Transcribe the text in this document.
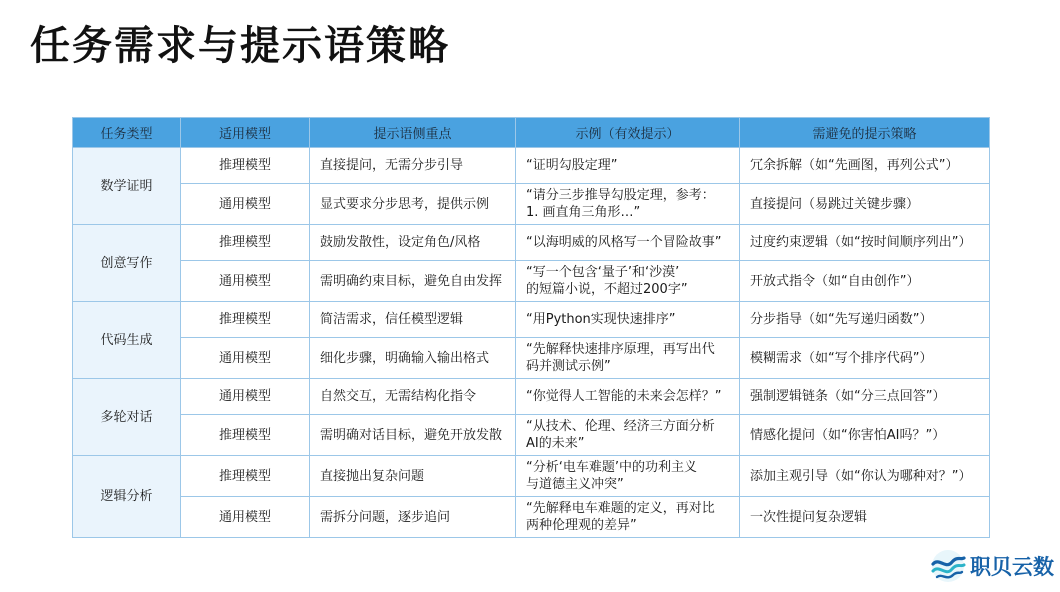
任务需求与提示语策略
任务类型	适用模型	提示语侧重点	示例（有效提示）	需避免的提示策略
数学证明	推理模型	直接提问，无需分步引导	“证明勾股定理”	冗余拆解（如“先画图，再列公式”）
	通用模型	显式要求分步思考，提供示例	“请分三步推导勾股定理，参考：
1. 画直角三角形…”	直接提问（易跳过关键步骤）
创意写作	推理模型	鼓励发散性，设定角色/风格	“以海明威的风格写一个冒险故事”	过度约束逻辑（如“按时间顺序列出”）
	通用模型	需明确约束目标，避免自由发挥	“写一个包含‘量子’和‘沙漠’
的短篇小说，不超过200字”	开放式指令（如“自由创作”）
代码生成	推理模型	简洁需求，信任模型逻辑	“用Python实现快速排序”	分步指导（如“先写递归函数”）
	通用模型	细化步骤，明确输入输出格式	“先解释快速排序原理，再写出代
码并测试示例”	模糊需求（如“写个排序代码”）
多轮对话	通用模型	自然交互，无需结构化指令	“你觉得人工智能的未来会怎样？”	强制逻辑链条（如“分三点回答”）
	推理模型	需明确对话目标，避免开放发散	“从技术、伦理、经济三方面分析
AI的未来”	情感化提问（如“你害怕AI吗？”）
逻辑分析	推理模型	直接抛出复杂问题	“分析‘电车难题’中的功利主义
与道德主义冲突”	添加主观引导（如“你认为哪种对？”）
	通用模型	需拆分问题，逐步追问	“先解释电车难题的定义，再对比
两种伦理观的差异”	一次性提问复杂逻辑
职贝云数
